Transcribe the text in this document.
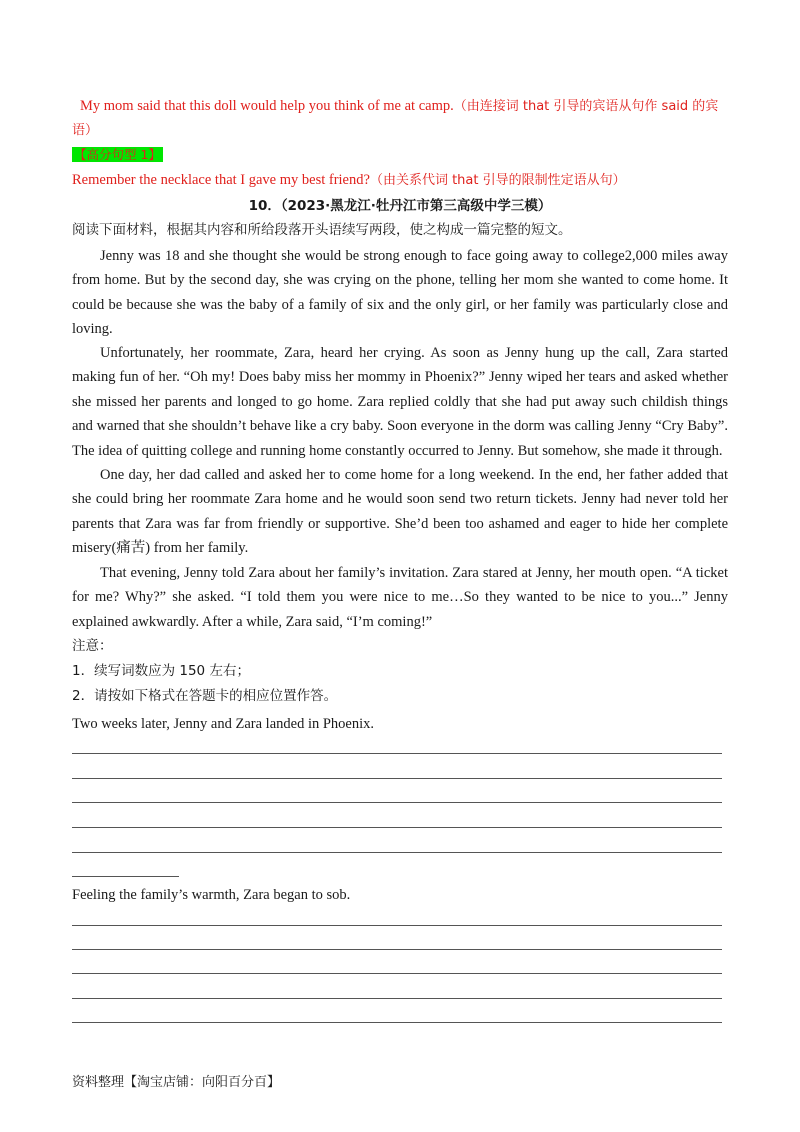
My mom said that this doll would help you think of me at camp.（由连接词 that 引导的宾语从句作 said 的宾
语）
【高分句型 1】
Remember the necklace that I gave my best friend?（由关系代词 that 引导的限制性定语从句）
10．（2023·黑龙江·牡丹江市第三高级中学三模）
阅读下面材料，根据其内容和所给段落开头语续写两段，使之构成一篇完整的短文。

Jenny was 18 and she thought she would be strong enough to face going away to college2,000 miles away from home. But by the second day, she was crying on the phone, telling her mom she wanted to come home. It could be because she was the baby of a family of six and the only girl, or her family was particularly close and loving.

Unfortunately, her roommate, Zara, heard her crying. As soon as Jenny hung up the call, Zara started making fun of her. “Oh my! Does baby miss her mommy in Phoenix?” Jenny wiped her tears and asked whether she missed her parents and longed to go home. Zara replied coldly that she had put away such childish things and warned that she shouldn’t behave like a cry baby. Soon everyone in the dorm was calling Jenny “Cry Baby”. The idea of quitting college and running home constantly occurred to Jenny. But somehow, she made it through.

One day, her dad called and asked her to come home for a long weekend. In the end, her father added that she could bring her roommate Zara home and he would soon send two return tickets. Jenny had never told her parents that Zara was far from friendly or supportive. She’d been too ashamed and eager to hide her complete misery(痛苦) from her family.

That evening, Jenny told Zara about her family’s invitation. Zara stared at Jenny, her mouth open. “A ticket for me? Why?” she asked. “I told them you were nice to me…So they wanted to be nice to you...” Jenny explained awkwardly. After a while, Zara said, “I’m coming!”

注意：
1．续写词数应为 150 左右；
2．请按如下格式在答题卡的相应位置作答。
Two weeks later, Jenny and Zara landed in Phoenix.
Feeling the family’s warmth, Zara began to sob.
资料整理【淘宝店铺：向阳百分百】
